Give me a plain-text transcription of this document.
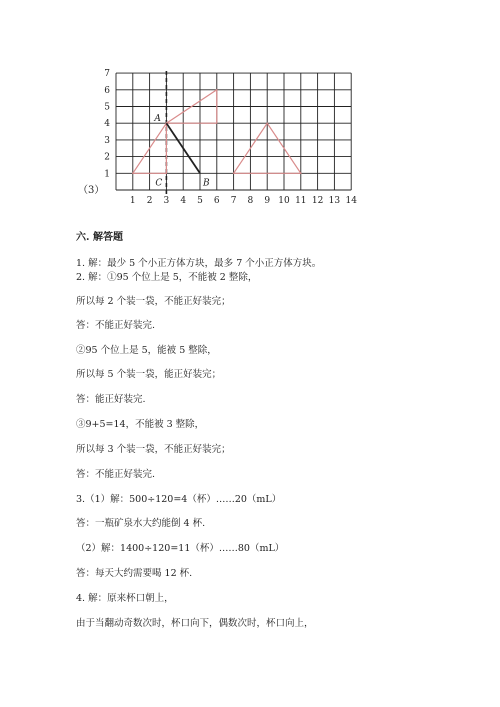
A
B
C
1 2 3 4 5 6 7 8 9 10 11 12 13 14
1
2
3
4
5
6
7
（3）
六. 解答题
1. 解：最少 5 个小正方体方块，最多 7 个小正方体方块。
2. 解：①95 个位上是 5，不能被 2 整除，
所以每 2 个装一袋，不能正好装完；
答：不能正好装完.
②95 个位上是 5，能被 5 整除，
所以每 5 个装一袋，能正好装完；
答：能正好装完.
③9+5=14，不能被 3 整除，
所以每 3 个装一袋，不能正好装完；
答：不能正好装完.
3.（1）解：500÷120=4（杯）……20（mL）
答：一瓶矿泉水大约能倒 4 杯.
（2）解：1400÷120=11（杯）……80（mL）
答：每天大约需要喝 12 杯.
4. 解：原来杯口朝上，
由于当翻动奇数次时，杯口向下，偶数次时，杯口向上，
